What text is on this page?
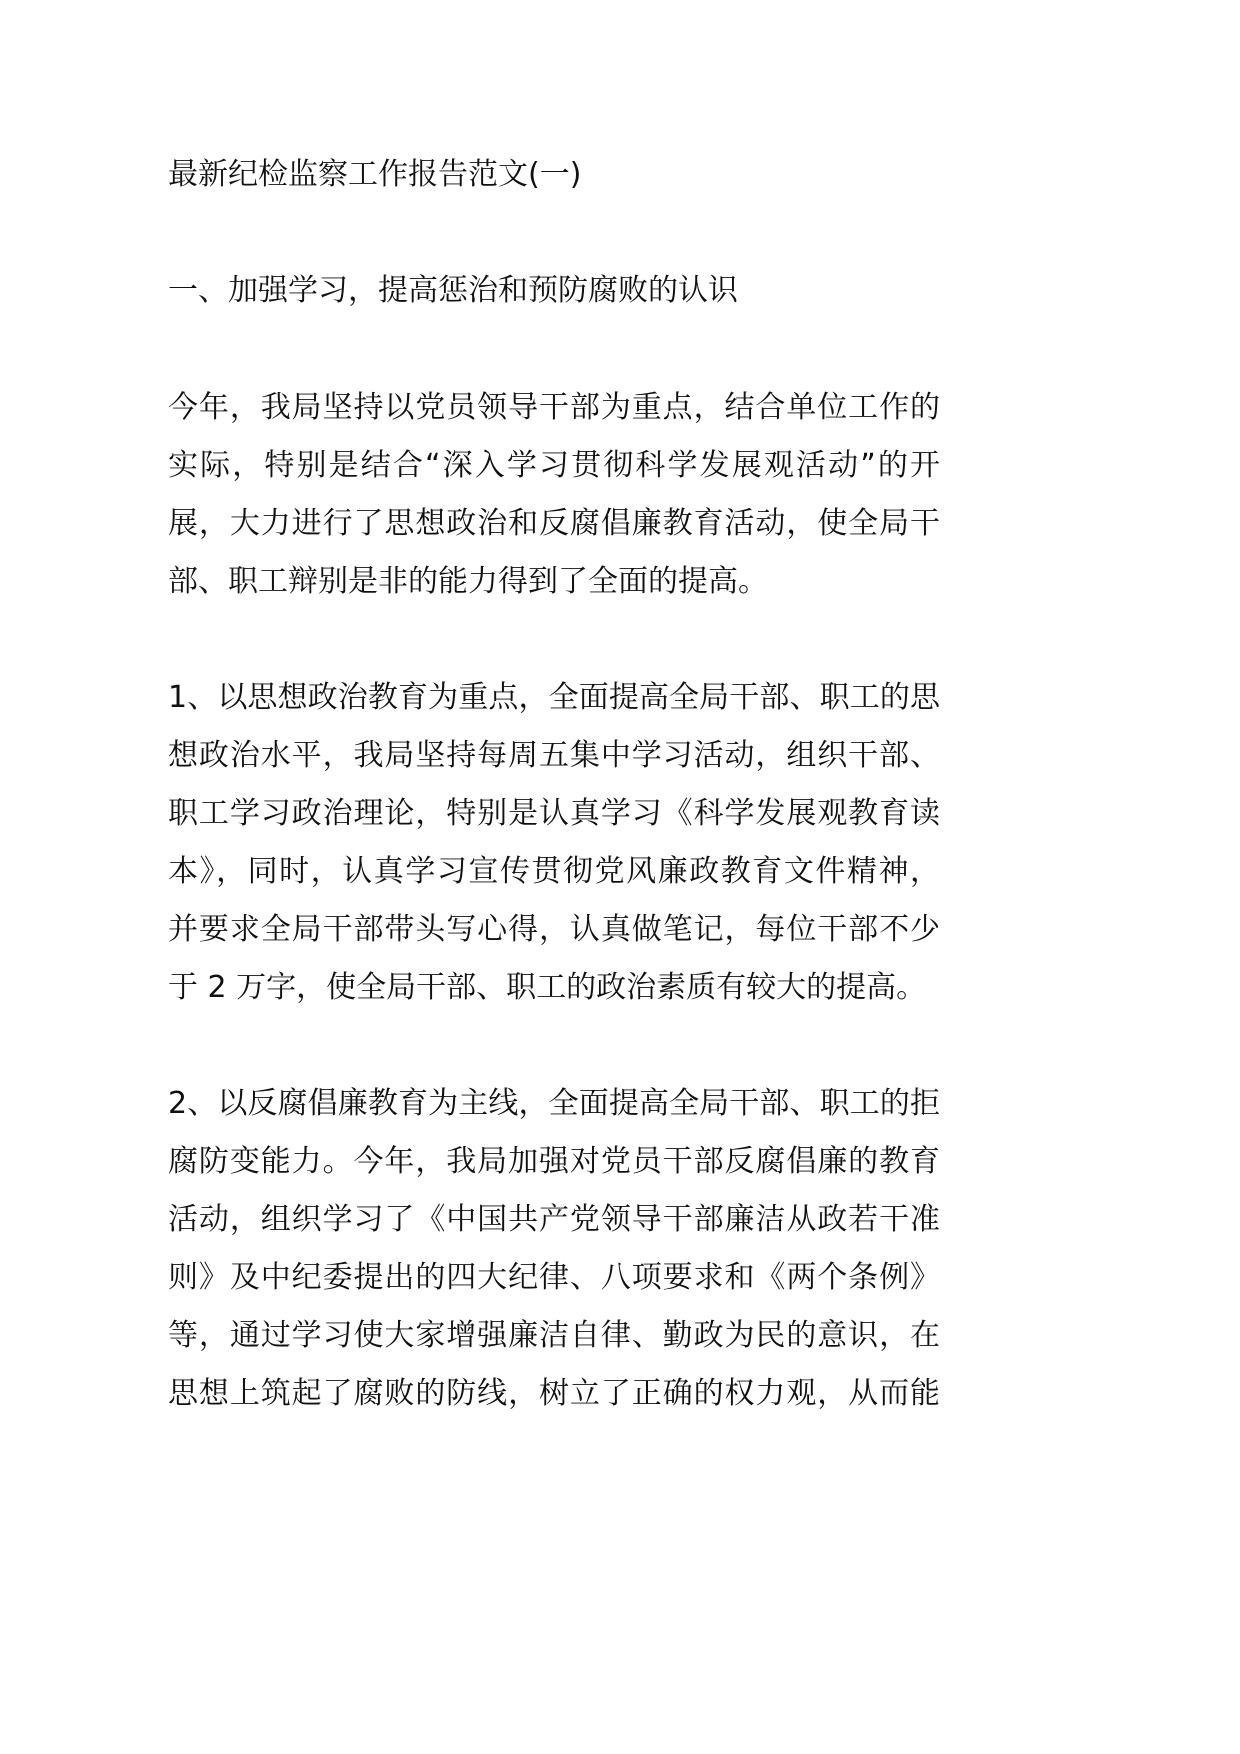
最新纪检监察工作报告范文(一)
一、加强学习，提高惩治和预防腐败的认识
今年，我局坚持以党员领导干部为重点，结合单位工作的
实际，特别是结合“深入学习贯彻科学发展观活动”的开
展，大力进行了思想政治和反腐倡廉教育活动，使全局干
部、职工辩别是非的能力得到了全面的提高。
1、以思想政治教育为重点，全面提高全局干部、职工的思
想政治水平，我局坚持每周五集中学习活动，组织干部、
职工学习政治理论，特别是认真学习《科学发展观教育读
本》，同时，认真学习宣传贯彻党风廉政教育文件精神，
并要求全局干部带头写心得，认真做笔记，每位干部不少
于 2 万字，使全局干部、职工的政治素质有较大的提高。
2、以反腐倡廉教育为主线，全面提高全局干部、职工的拒
腐防变能力。今年，我局加强对党员干部反腐倡廉的教育
活动，组织学习了《中国共产党领导干部廉洁从政若干准
则》及中纪委提出的四大纪律、八项要求和《两个条例》
等，通过学习使大家增强廉洁自律、勤政为民的意识，在
思想上筑起了腐败的防线，树立了正确的权力观，从而能
